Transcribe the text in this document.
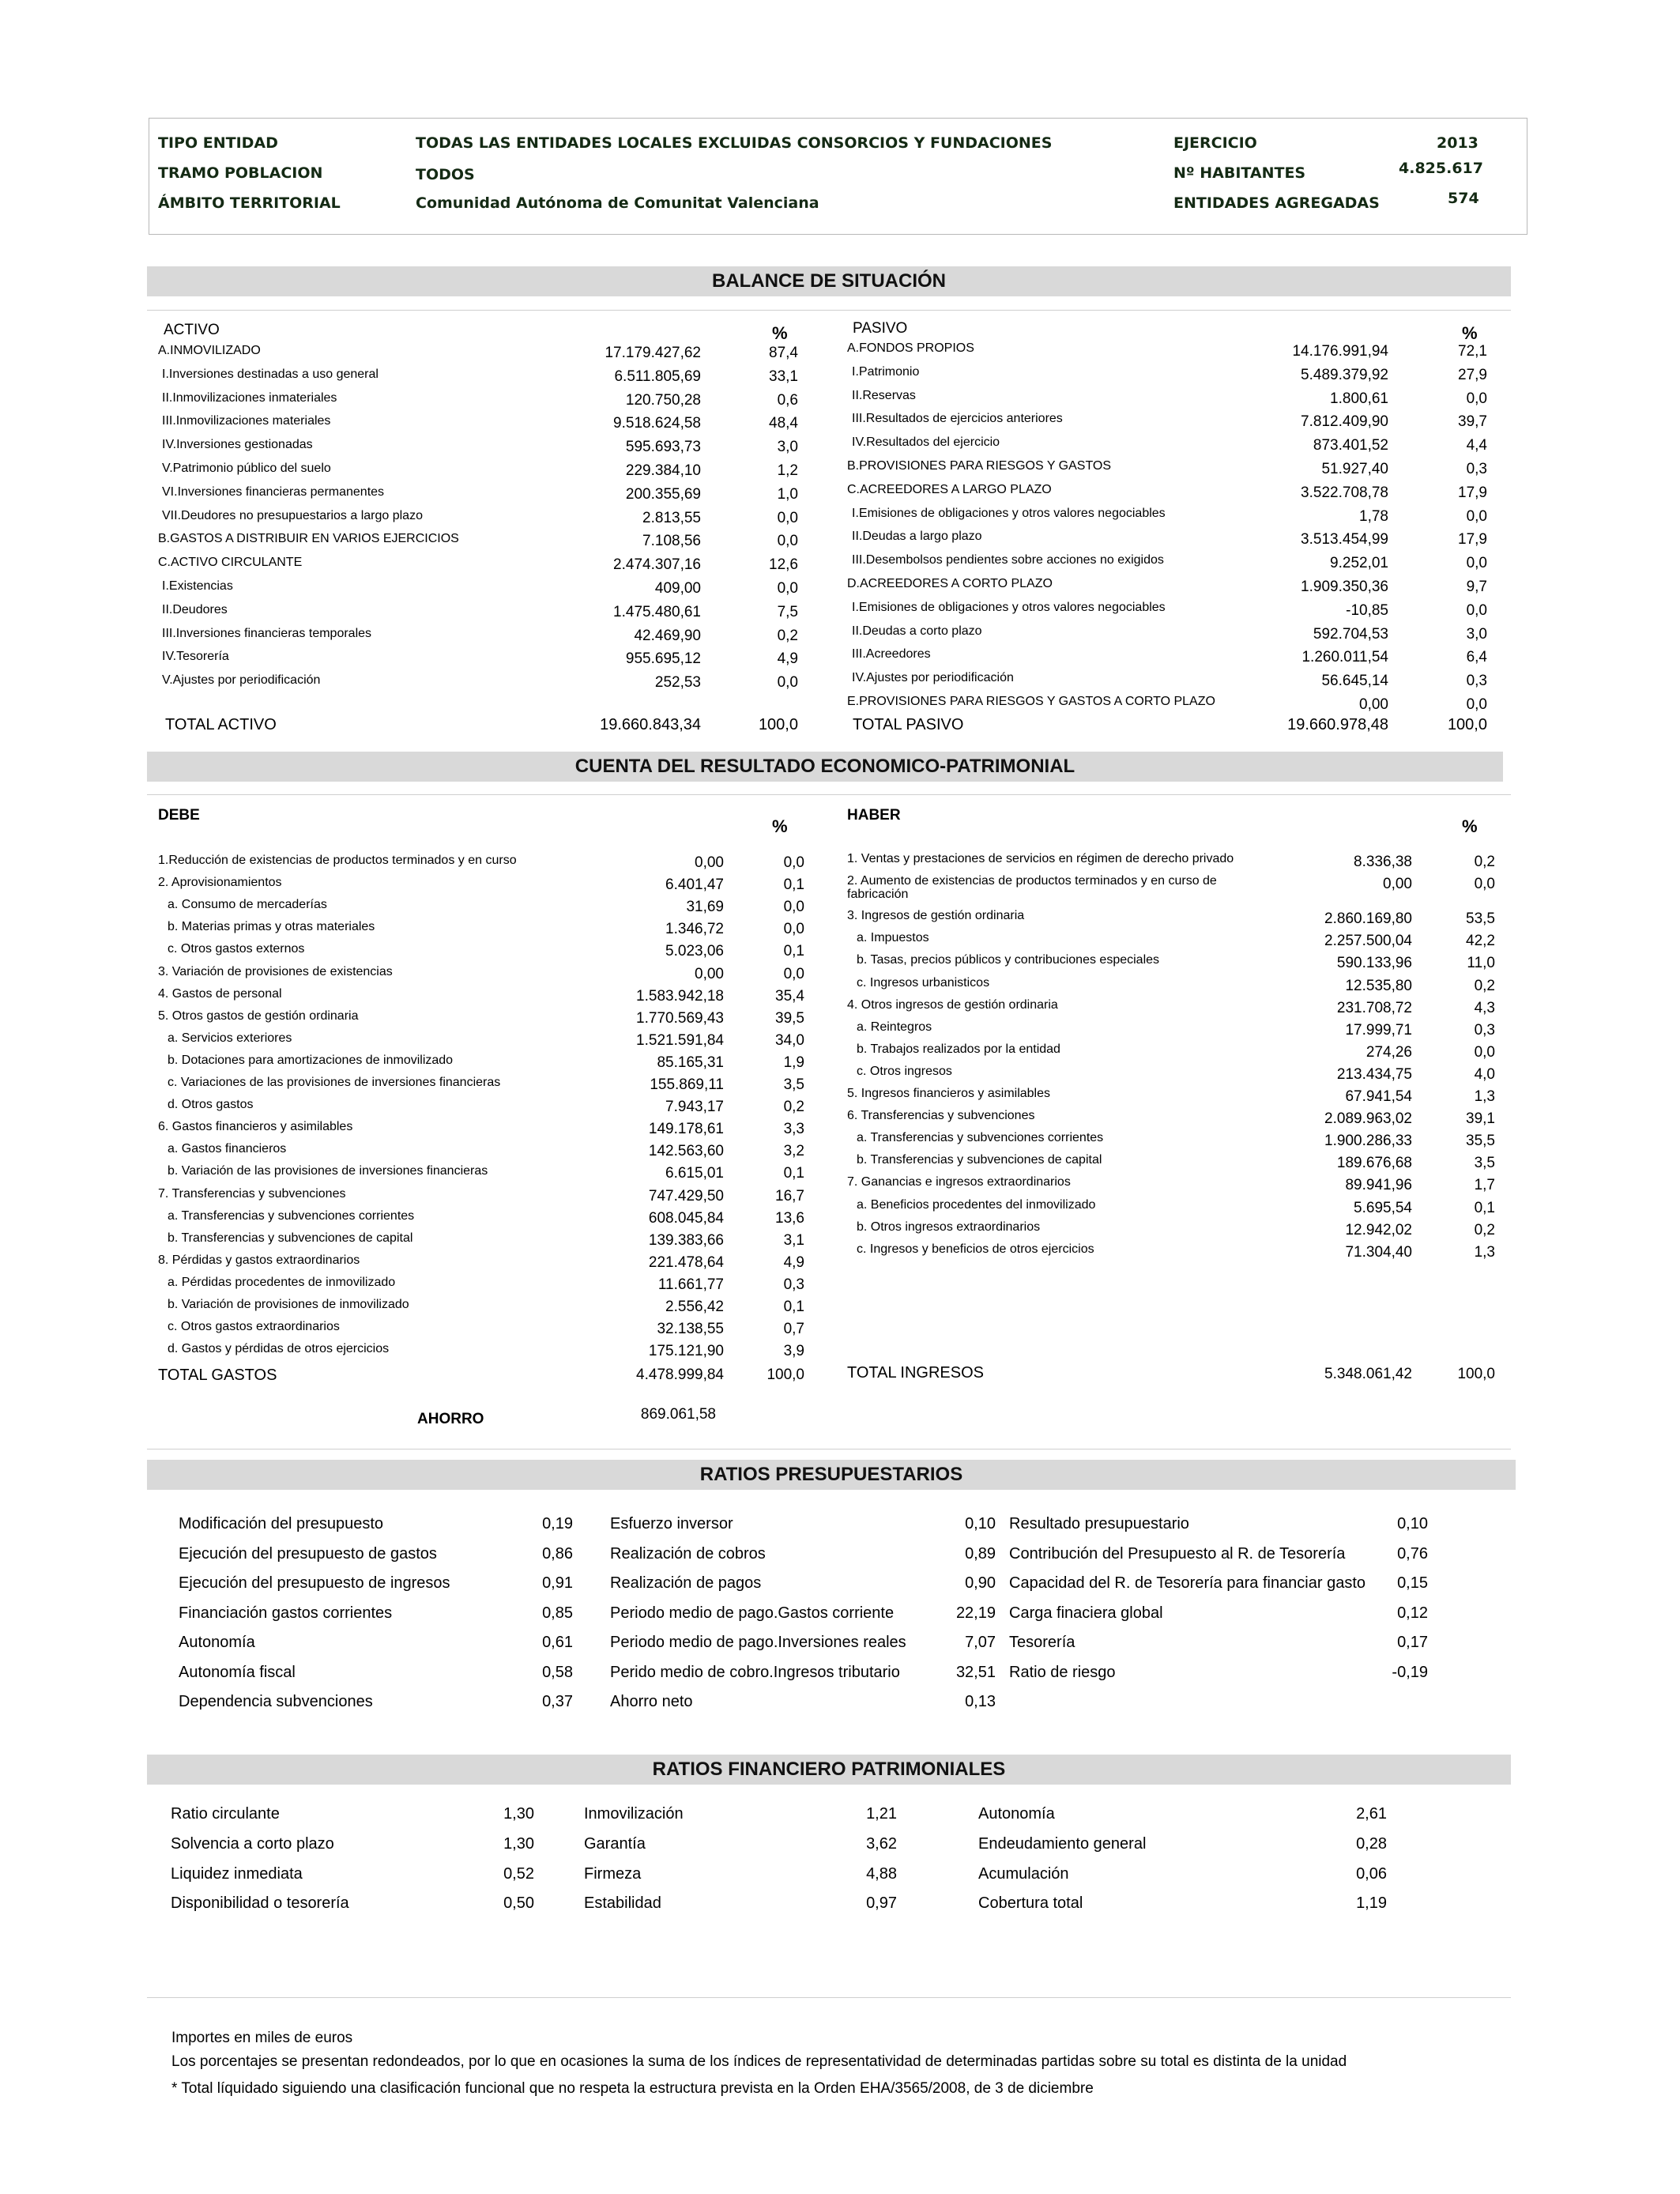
TIPO ENTIDAD	TODAS LAS ENTIDADES LOCALES EXCLUIDAS CONSORCIOS Y FUNDACIONES
TRAMO POBLACION	TODOS
ÁMBITO TERRITORIAL	Comunidad Autónoma de Comunitat Valenciana
EJERCICIO	2013
Nº HABITANTES	4.825.617
ENTIDADES AGREGADAS	574
BALANCE DE SITUACIÓN
ACTIVO	%	PASIVO	%
A.INMOVILIZADO	17.179.427,62	87,4
I.Inversiones destinadas a uso general	6.511.805,69	33,1
II.Inmovilizaciones inmateriales	120.750,28	0,6
III.Inmovilizaciones materiales	9.518.624,58	48,4
IV.Inversiones gestionadas	595.693,73	3,0
V.Patrimonio público del suelo	229.384,10	1,2
VI.Inversiones financieras permanentes	200.355,69	1,0
VII.Deudores no presupuestarios a largo plazo	2.813,55	0,0
B.GASTOS A DISTRIBUIR EN VARIOS EJERCICIOS	7.108,56	0,0
C.ACTIVO CIRCULANTE	2.474.307,16	12,6
I.Existencias	409,00	0,0
II.Deudores	1.475.480,61	7,5
III.Inversiones financieras temporales	42.469,90	0,2
IV.Tesorería	955.695,12	4,9
V.Ajustes por periodificación	252,53	0,0
A.FONDOS PROPIOS	14.176.991,94	72,1
I.Patrimonio	5.489.379,92	27,9
II.Reservas	1.800,61	0,0
III.Resultados de ejercicios anteriores	7.812.409,90	39,7
IV.Resultados del ejercicio	873.401,52	4,4
B.PROVISIONES PARA RIESGOS Y GASTOS	51.927,40	0,3
C.ACREEDORES A LARGO PLAZO	3.522.708,78	17,9
I.Emisiones de obligaciones y otros valores negociables	1,78	0,0
II.Deudas a largo plazo	3.513.454,99	17,9
III.Desembolsos pendientes sobre acciones no exigidos	9.252,01	0,0
D.ACREEDORES A CORTO PLAZO	1.909.350,36	9,7
I.Emisiones de obligaciones y otros valores negociables	-10,85	0,0
II.Deudas a corto plazo	592.704,53	3,0
III.Acreedores	1.260.011,54	6,4
IV.Ajustes por periodificación	56.645,14	0,3
E.PROVISIONES PARA RIESGOS Y GASTOS A CORTO PLAZO	0,00	0,0
TOTAL ACTIVO	19.660.843,34	100,0	TOTAL PASIVO	19.660.978,48	100,0
CUENTA DEL RESULTADO ECONOMICO-PATRIMONIAL
DEBE
%
HABER
%
1.Reducción de existencias de productos terminados y en curso	0,00	0,0
2. Aprovisionamientos	6.401,47	0,1
a. Consumo de mercaderías	31,69	0,0
b. Materias primas y otras materiales	1.346,72	0,0
c. Otros gastos externos	5.023,06	0,1
3. Variación de provisiones de existencias	0,00	0,0
4. Gastos de personal	1.583.942,18	35,4
5. Otros gastos de gestión ordinaria	1.770.569,43	39,5
a. Servicios exteriores	1.521.591,84	34,0
b. Dotaciones para amortizaciones de inmovilizado	85.165,31	1,9
c. Variaciones de las provisiones de inversiones financieras	155.869,11	3,5
d. Otros gastos	7.943,17	0,2
6. Gastos financieros y asimilables	149.178,61	3,3
a. Gastos financieros	142.563,60	3,2
b. Variación de las provisiones de inversiones financieras	6.615,01	0,1
7. Transferencias y subvenciones	747.429,50	16,7
a. Transferencias y subvenciones corrientes	608.045,84	13,6
b. Transferencias y subvenciones de capital	139.383,66	3,1
8. Pérdidas y gastos extraordinarios	221.478,64	4,9
a. Pérdidas procedentes de inmovilizado	11.661,77	0,3
b. Variación de provisiones de inmovilizado	2.556,42	0,1
c. Otros gastos extraordinarios	32.138,55	0,7
d. Gastos y pérdidas de otros ejercicios	175.121,90	3,9
1. Ventas y prestaciones de servicios en régimen de derecho privado	8.336,38	0,2
2. Aumento de existencias de productos terminados y en curso de
fabricación
0,00	0,0
3. Ingresos de gestión ordinaria	2.860.169,80	53,5
a. Impuestos	2.257.500,04	42,2
b. Tasas, precios públicos y contribuciones especiales	590.133,96	11,0
c. Ingresos urbanisticos	12.535,80	0,2
4. Otros ingresos de gestión ordinaria	231.708,72	4,3
a. Reintegros	17.999,71	0,3
b. Trabajos realizados por la entidad	274,26	0,0
c. Otros ingresos	213.434,75	4,0
5. Ingresos financieros y asimilables	67.941,54	1,3
6. Transferencias y subvenciones	2.089.963,02	39,1
a. Transferencias y subvenciones corrientes	1.900.286,33	35,5
b. Transferencias y subvenciones de capital	189.676,68	3,5
7. Ganancias e ingresos extraordinarios	89.941,96	1,7
a. Beneficios procedentes del inmovilizado	5.695,54	0,1
b. Otros ingresos extraordinarios	12.942,02	0,2
c. Ingresos y beneficios de otros ejercicios	71.304,40	1,3
TOTAL GASTOS	4.478.999,84	100,0	TOTAL INGRESOS	5.348.061,42	100,0
AHORRO	869.061,58
RATIOS PRESUPUESTARIOS
Modificación del presupuesto	0,19
Ejecución del presupuesto de gastos	0,86
Ejecución del presupuesto de ingresos	0,91
Financiación gastos corrientes	0,85
Autonomía	0,61
Autonomía fiscal	0,58
Dependencia subvenciones	0,37
Esfuerzo inversor	0,10
Realización de cobros	0,89
Realización de pagos	0,90
Periodo medio de pago.Gastos corriente	22,19
Periodo medio de pago.Inversiones reales	7,07
Perido medio de cobro.Ingresos tributario	32,51
Ahorro neto	0,13
Resultado presupuestario	0,10
Contribución del Presupuesto al R. de Tesorería	0,76
Capacidad del R. de Tesorería para financiar gasto	0,15
Carga finaciera global	0,12
Tesorería	0,17
Ratio de riesgo	-0,19
RATIOS FINANCIERO PATRIMONIALES
Ratio circulante	1,30
Solvencia a corto plazo	1,30
Liquidez inmediata	0,52
Disponibilidad o tesorería	0,50
Inmovilización	1,21
Garantía	3,62
Firmeza	4,88
Estabilidad	0,97
Autonomía	2,61
Endeudamiento general	0,28
Acumulación	0,06
Cobertura total	1,19
Importes en miles de euros
Los porcentajes se presentan redondeados, por lo que en ocasiones la suma de los índices de representatividad de determinadas partidas sobre su total es distinta de la unidad
* Total líquidado siguiendo una clasificación funcional que no respeta la estructura prevista en la Orden EHA/3565/2008, de 3 de diciembre
